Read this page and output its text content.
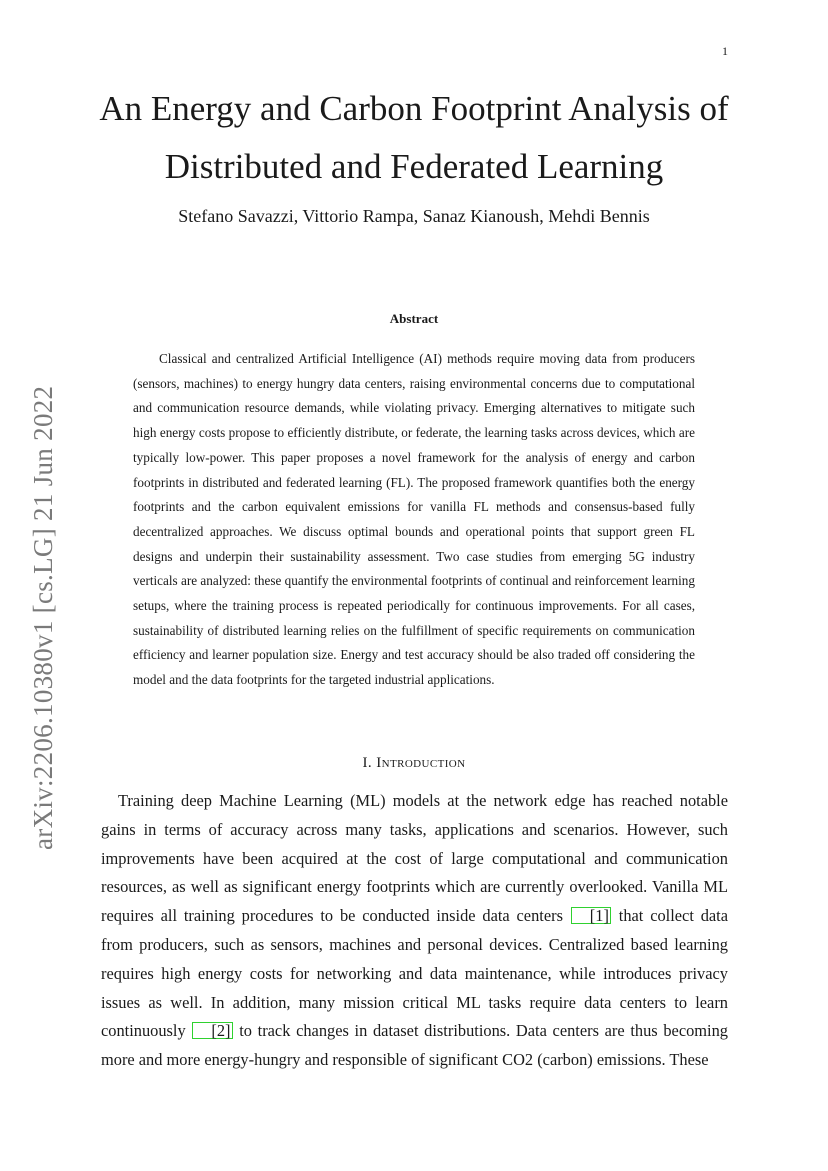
1
arXiv:2206.10380v1 [cs.LG] 21 Jun 2022
An Energy and Carbon Footprint Analysis of Distributed and Federated Learning
Stefano Savazzi, Vittorio Rampa, Sanaz Kianoush, Mehdi Bennis
Abstract

Classical and centralized Artificial Intelligence (AI) methods require moving data from producers (sensors, machines) to energy hungry data centers, raising environmental concerns due to computational and communication resource demands, while violating privacy. Emerging alternatives to mitigate such high energy costs propose to efficiently distribute, or federate, the learning tasks across devices, which are typically low-power. This paper proposes a novel framework for the analysis of energy and carbon footprints in distributed and federated learning (FL). The proposed framework quantifies both the energy footprints and the carbon equivalent emissions for vanilla FL methods and consensus-based fully decentralized approaches. We discuss optimal bounds and operational points that support green FL designs and underpin their sustainability assessment. Two case studies from emerging 5G industry verticals are analyzed: these quantify the environmental footprints of continual and reinforcement learning setups, where the training process is repeated periodically for continuous improvements. For all cases, sustainability of distributed learning relies on the fulfillment of specific requirements on communication efficiency and learner population size. Energy and test accuracy should be also traded off considering the model and the data footprints for the targeted industrial applications.

I. Introduction

Training deep Machine Learning (ML) models at the network edge has reached notable gains in terms of accuracy across many tasks, applications and scenarios. However, such improvements have been acquired at the cost of large computational and communication resources, as well as significant energy footprints which are currently overlooked. Vanilla ML requires all training procedures to be conducted inside data centers [1] that collect data from producers, such as sensors, machines and personal devices. Centralized based learning requires high energy costs for networking and data maintenance, while introduces privacy issues as well. In addition, many mission critical ML tasks require data centers to learn continuously [2] to track changes in dataset distributions. Data centers are thus becoming more and more energy-hungry and responsible of significant CO2 (carbon) emissions. These
